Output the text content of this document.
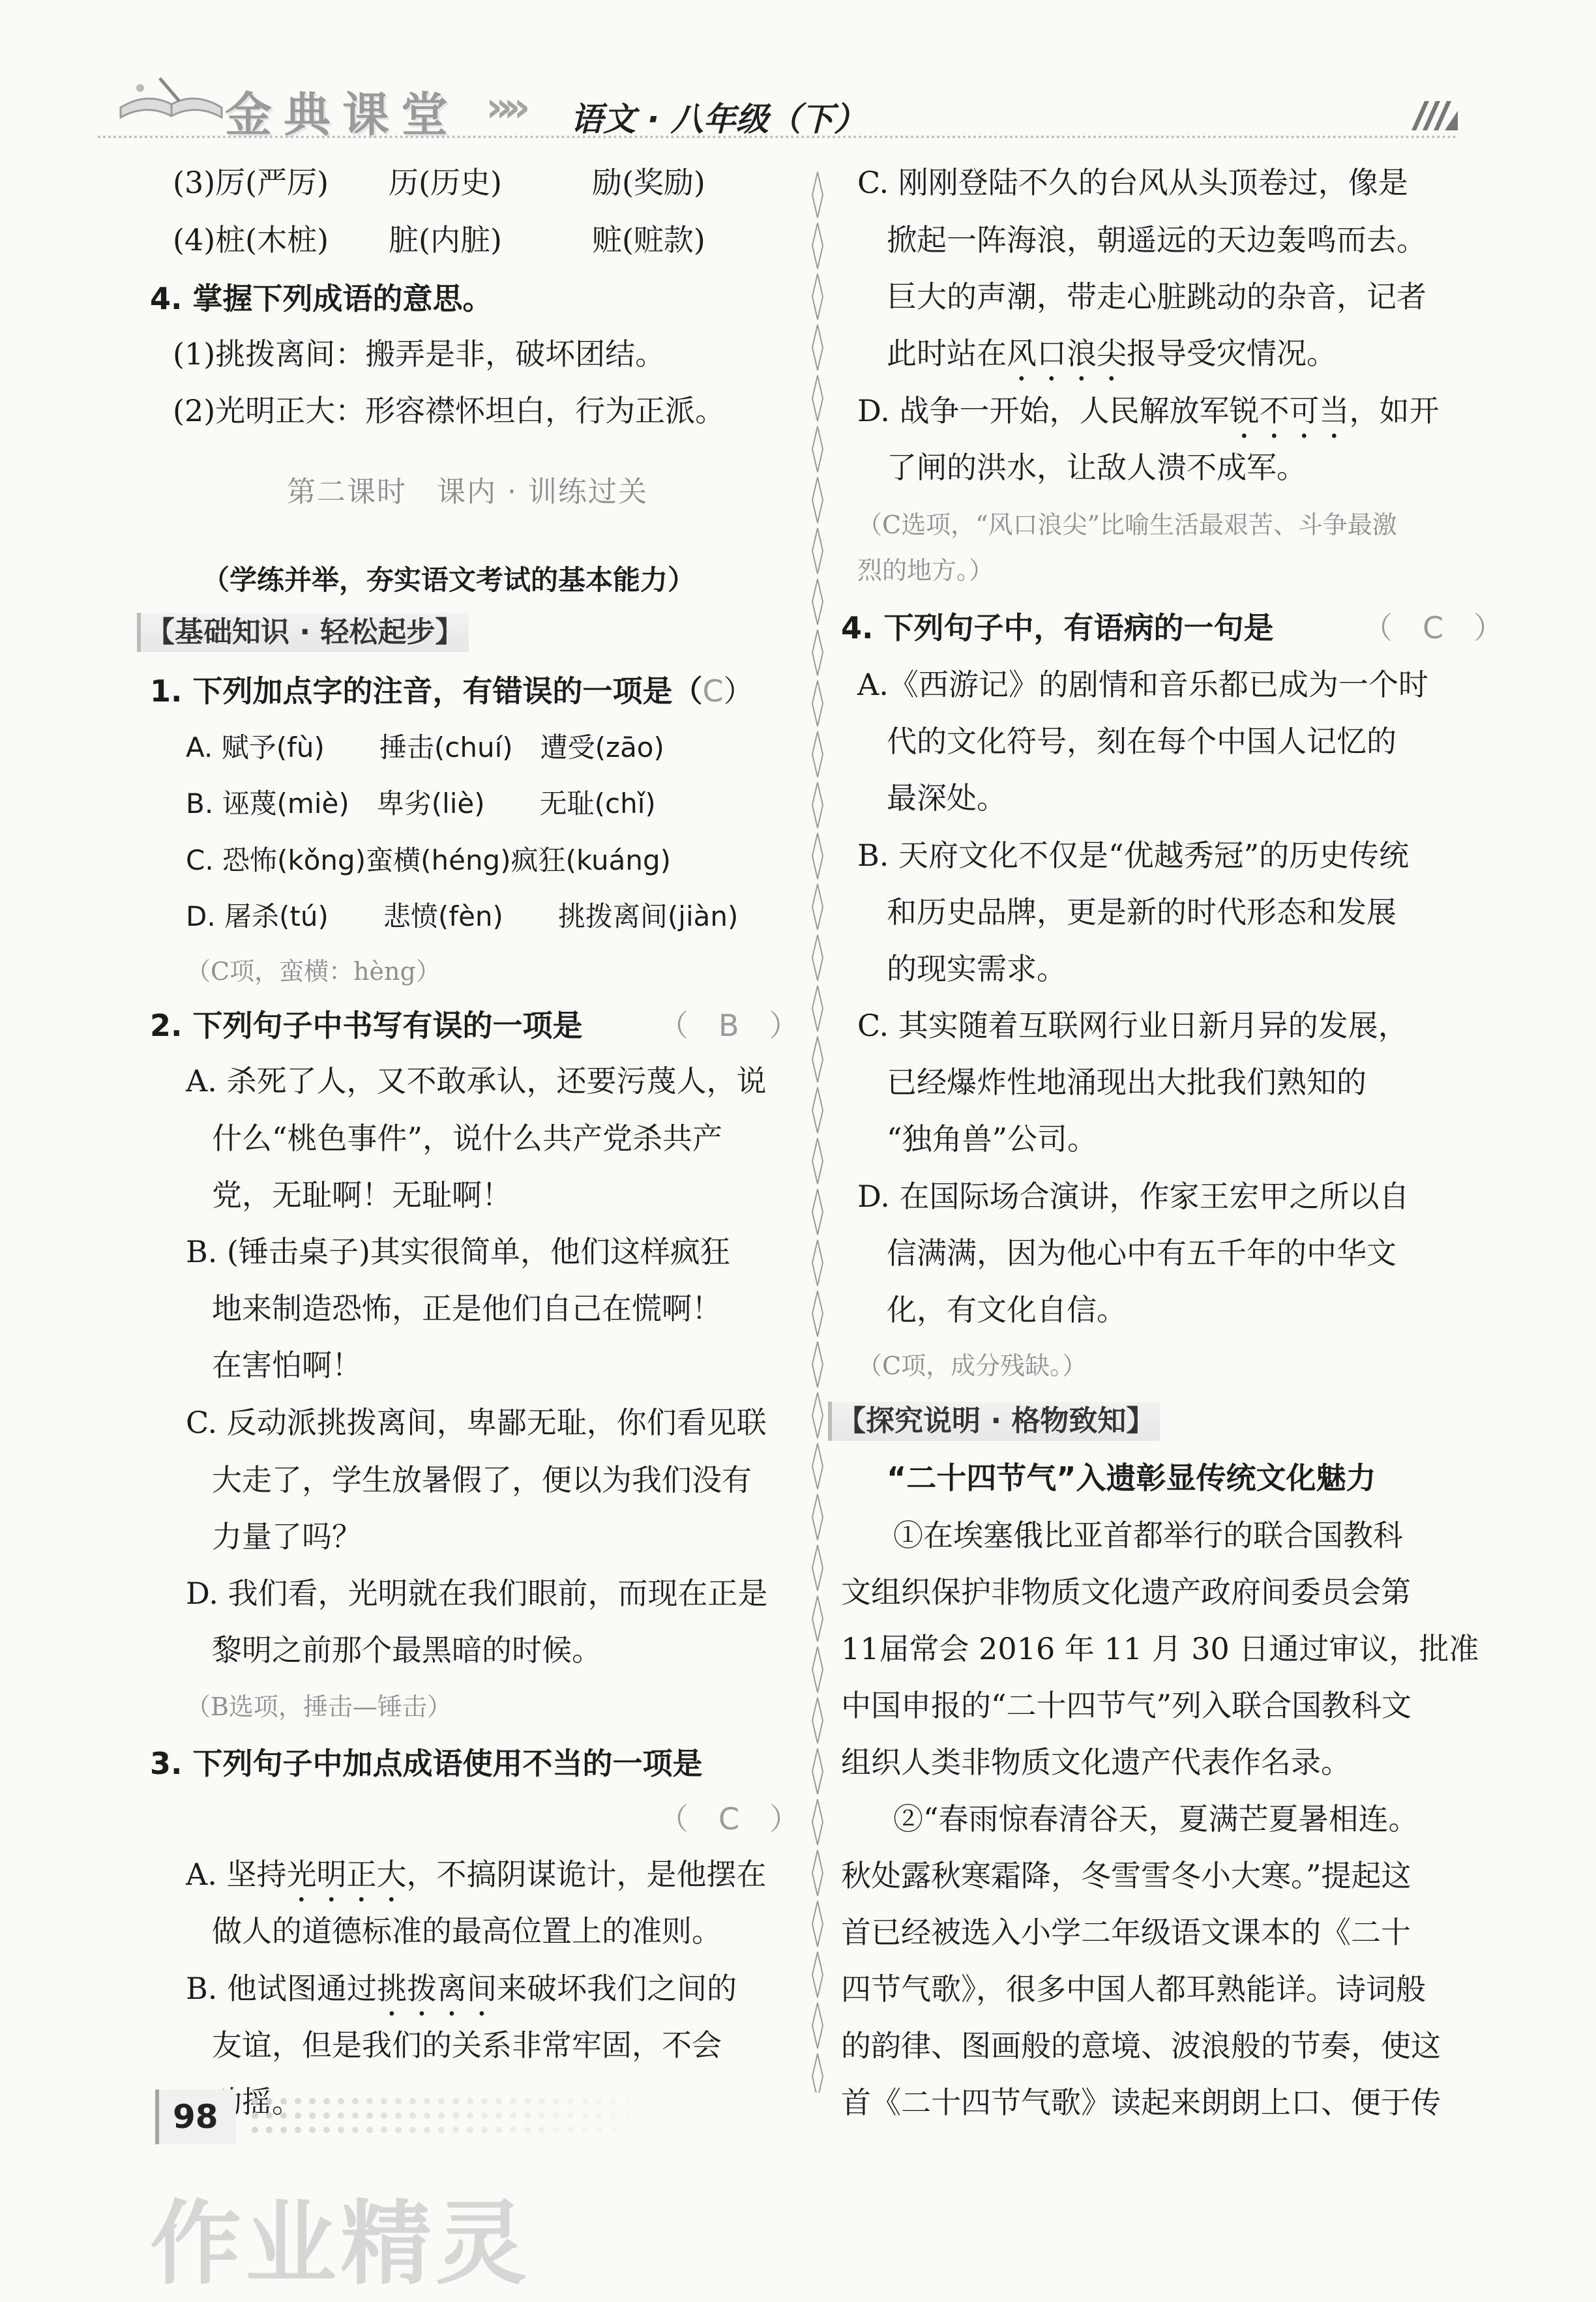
金典课堂 »» 语文 · 八年级（下）
(3)厉(严厉)　　历(历史)　　　励(奖励)
(4)桩(木桩)　　脏(内脏)　　　赃(赃款)
4. 掌握下列成语的意思。
(1)挑拨离间：搬弄是非，破坏团结。
(2)光明正大：形容襟怀坦白，行为正派。
第二课时　课内 · 训练过关
（学练并举，夯实语文考试的基本能力）
【基础知识 · 轻松起步】
1. 下列加点字的注音，有错误的一项是（C）
A. 赋予(fù)　　捶击(chuí)　遭受(zāo)
B. 诬蔑(miè)　卑劣(liè)　　无耻(chǐ)
C. 恐怖(kǒng)蛮横(héng)疯狂(kuáng)
D. 屠杀(tú)　　悲愤(fèn)　　挑拨离间(jiàn)
（C项，蛮横：hèng）
2. 下列句子中书写有误的一项是	（　B　）
A. 杀死了人，又不敢承认，还要污蔑人，说
什么“桃色事件”，说什么共产党杀共产
党，无耻啊！无耻啊！
B. (锤击桌子)其实很简单，他们这样疯狂
地来制造恐怖，正是他们自己在慌啊！
在害怕啊！
C. 反动派挑拨离间，卑鄙无耻，你们看见联
大走了，学生放暑假了，便以为我们没有
力量了吗？
D. 我们看，光明就在我们眼前，而现在正是
黎明之前那个最黑暗的时候。
（B选项，捶击—锤击）
3. 下列句子中加点成语使用不当的一项是
（　C　）
A. 坚持光明正大，不搞阴谋诡计，是他摆在
做人的道德标准的最高位置上的准则。
B. 他试图通过挑拨离间来破坏我们之间的
友谊，但是我们的关系非常牢固，不会
C. 刚刚登陆不久的台风从头顶卷过，像是
掀起一阵海浪，朝遥远的天边轰鸣而去。
巨大的声潮，带走心脏跳动的杂音，记者
此时站在风口浪尖报导受灾情况。
D. 战争一开始，人民解放军锐不可当，如开
了闸的洪水，让敌人溃不成军。
（C选项，“风口浪尖”比喻生活最艰苦、斗争最激
烈的地方。）
4. 下列句子中，有语病的一句是	（　C　）
A.《西游记》的剧情和音乐都已成为一个时
代的文化符号，刻在每个中国人记忆的
最深处。
B. 天府文化不仅是“优越秀冠”的历史传统
和历史品牌，更是新的时代形态和发展
的现实需求。
C. 其实随着互联网行业日新月异的发展，
已经爆炸性地涌现出大批我们熟知的
“独角兽”公司。
D. 在国际场合演讲，作家王宏甲之所以自
信满满，因为他心中有五千年的中华文
化，有文化自信。
（C项，成分残缺。）
【探究说明 · 格物致知】
“二十四节气”入遗彰显传统文化魅力
①在埃塞俄比亚首都举行的联合国教科
文组织保护非物质文化遗产政府间委员会第
11届常会 2016 年 11 月 30 日通过审议，批准
中国申报的“二十四节气”列入联合国教科文
组织人类非物质文化遗产代表作名录。
②“春雨惊春清谷天，夏满芒夏暑相连。
秋处露秋寒霜降，冬雪雪冬小大寒。”提起这
首已经被选入小学二年级语文课本的《二十
四节气歌》，很多中国人都耳熟能详。诗词般
的韵律、图画般的意境、波浪般的节奏，使这
首《二十四节气歌》读起来朗朗上口、便于传
98
作业精灵
